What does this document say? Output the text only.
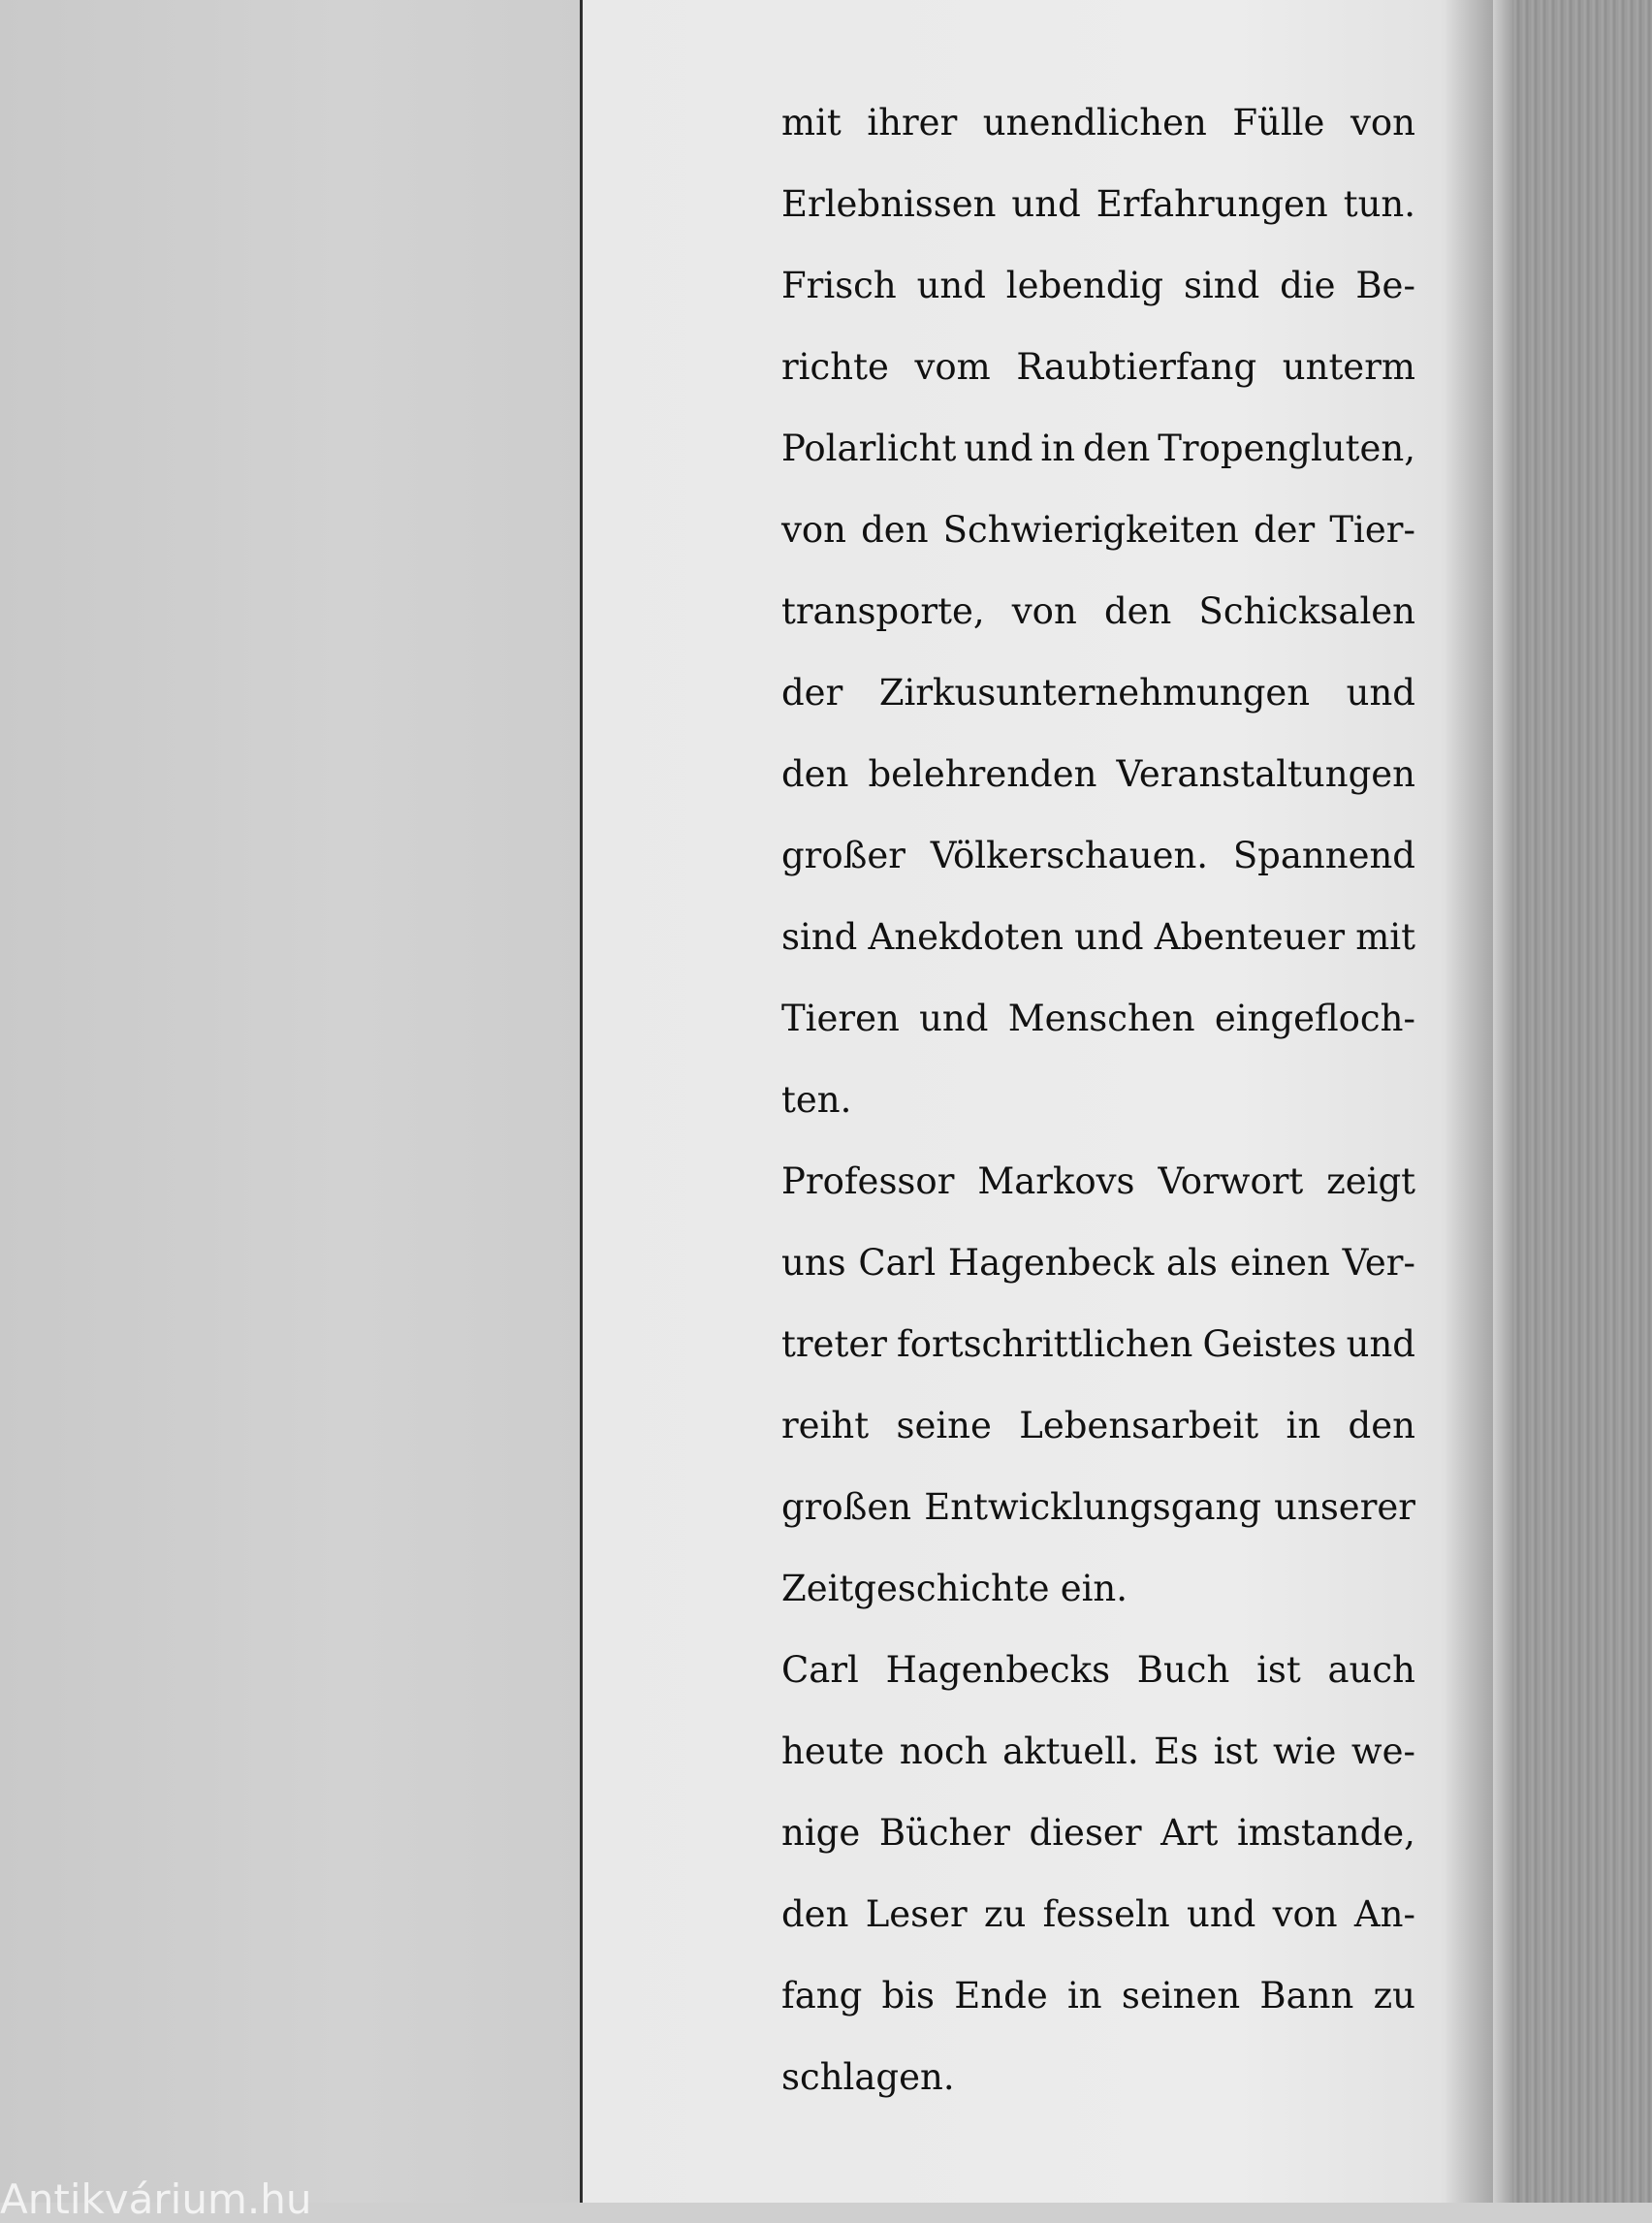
mit ihrer unendlichen Fülle von
Erlebnissen und Erfahrungen tun.
Frisch und lebendig sind die Be-
richte vom Raubtierfang unterm
Polarlicht und in den Tropengluten,
von den Schwierigkeiten der Tier-
transporte, von den Schicksalen
der Zirkusunternehmungen und
den belehrenden Veranstaltungen
großer Völkerschauen. Spannend
sind Anekdoten und Abenteuer mit
Tieren und Menschen eingefloch-
ten.
Professor Markovs Vorwort zeigt
uns Carl Hagenbeck als einen Ver-
treter fortschrittlichen Geistes und
reiht seine Lebensarbeit in den
großen Entwicklungsgang unserer
Zeitgeschichte ein.
Carl Hagenbecks Buch ist auch
heute noch aktuell. Es ist wie we-
nige Bücher dieser Art imstande,
den Leser zu fesseln und von An-
fang bis Ende in seinen Bann zu
schlagen.
Antikvárium.hu
